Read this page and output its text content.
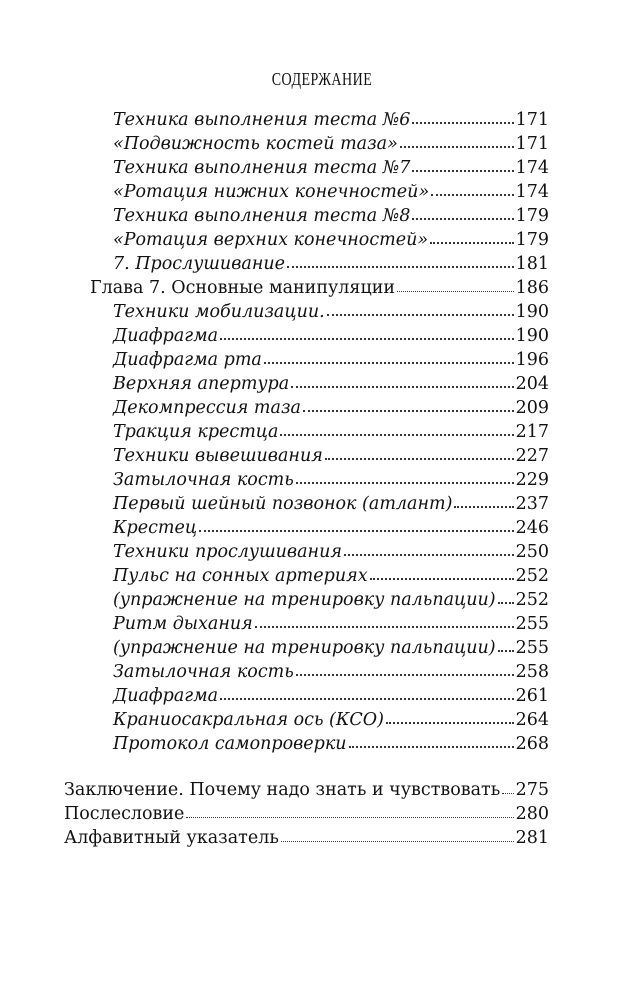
СОДЕРЖАНИЕ
Техника выполнения теста №6	171
«Подвижность костей таза»	171
Техника выполнения теста №7	174
«Ротация нижних конечностей»	174
Техника выполнения теста №8	179
«Ротация верхних конечностей»	179
7. Прослушивание	181
Глава 7. Основные манипуляции	186
Техники мобилизации.	190
Диафрагма	190
Диафрагма рта	196
Верхняя апертура	204
Декомпрессия таза	209
Тракция крестца	217
Техники вывешивания	227
Затылочная кость	229
Первый шейный позвонок (атлант)	237
Крестец	246
Техники прослушивания	250
Пульс на сонных артериях	252
(упражнение на тренировку пальпации) 252
Ритм дыхания	255
(упражнение на тренировку пальпации) 255
Затылочная кость	258
Диафрагма	261
Краниосакральная ось (КСО)	264
Протокол самопроверки	268
Заключение. Почему надо знать и чувствовать 275
Послесловие	280
Алфавитный указатель	281
